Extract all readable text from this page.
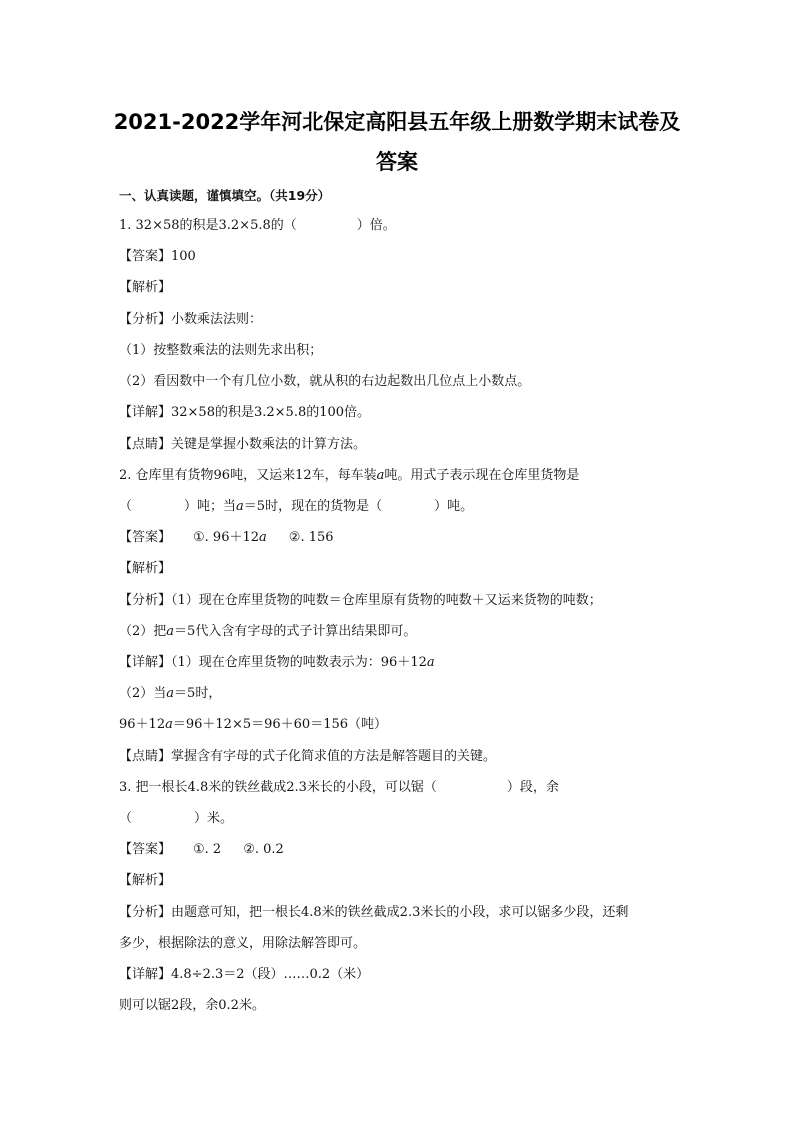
2021-2022学年河北保定高阳县五年级上册数学期末试卷及
答案
一、认真读题，谨慎填空。（共19分）
1. 32×58的积是3.2×5.8的（	）倍。
【答案】100
【解析】
【分析】小数乘法法则：
（1）按整数乘法的法则先求出积；
（2）看因数中一个有几位小数，就从积的右边起数出几位点上小数点。
【详解】32×58的积是3.2×5.8的100倍。
【点睛】关键是掌握小数乘法的计算方法。
2. 仓库里有货物96吨，又运来12车，每车装a吨。用式子表示现在仓库里货物是
（	）吨；当a＝5时，现在的货物是（	）吨。
【答案】 ①. 96＋12a ②. 156
【解析】
【分析】（1）现在仓库里货物的吨数＝仓库里原有货物的吨数＋又运来货物的吨数；
（2）把a＝5代入含有字母的式子计算出结果即可。
【详解】（1）现在仓库里货物的吨数表示为：96＋12a
（2）当a＝5时，
96＋12a＝96＋12×5＝96＋60＝156（吨）
【点睛】掌握含有字母的式子化简求值的方法是解答题目的关键。
3. 把一根长4.8米的铁丝截成2.3米长的小段，可以锯（	）段，余
（	）米。
【答案】 ①. 2 ②. 0.2
【解析】
【分析】由题意可知，把一根长4.8米的铁丝截成2.3米长的小段，求可以锯多少段，还剩
多少，根据除法的意义，用除法解答即可。
【详解】4.8÷2.3＝2（段）……0.2（米）
则可以锯2段，余0.2米。
